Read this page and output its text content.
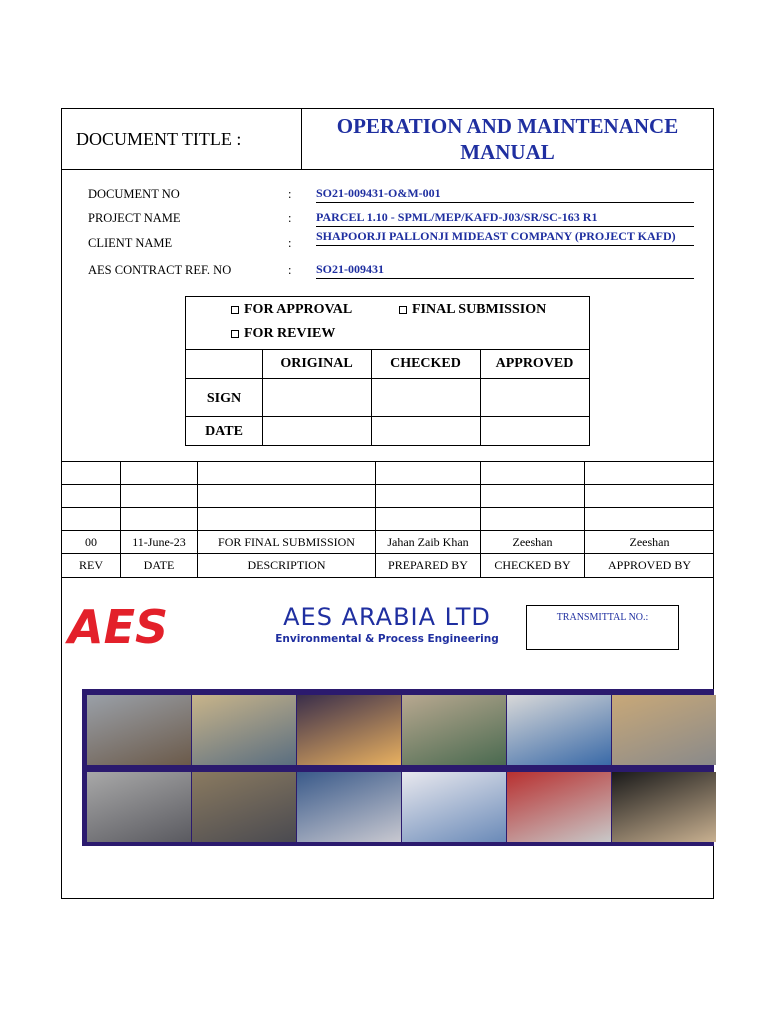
DOCUMENT TITLE :
OPERATION AND MAINTENANCE
MANUAL
DOCUMENT NO	: SO21-009431-O&M-001
PROJECT NAME	: PARCEL 1.10 - SPML/MEP/KAFD-J03/SR/SC-163 R1
CLIENT NAME	: SHAPOORJI PALLONJI MIDEAST COMPANY (PROJECT KAFD)
AES CONTRACT REF. NO	: SO21-009431
FOR APPROVAL	FINAL SUBMISSION
FOR REVIEW
ORIGINAL	CHECKED	APPROVED
SIGN
DATE
00	11-June-23	FOR FINAL SUBMISSION	Jahan Zaib Khan	Zeeshan	Zeeshan
REV	DATE	DESCRIPTION	PREPARED BY	CHECKED BY	APPROVED BY
AES	AES ARABIA LTD
Environmental & Process Engineering
TRANSMITTAL NO.:
